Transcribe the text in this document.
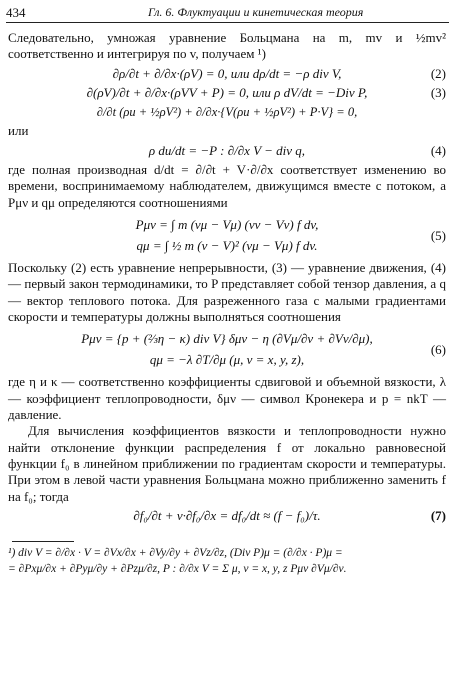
434	Гл. 6. Флуктуации и кинетическая теория

Следовательно, умножая уравнение Больцмана на m, mv и ½mv² соответственно и интегрируя по v, получаем ¹)

∂ρ/∂t + ∂/∂x·(ρV) = 0, или dρ/dt = −ρ div V,	(2)
∂(ρV)/∂t + ∂/∂x·(ρVV + P) = 0, или ρ dV/dt = −Div P,	(3)
∂/∂t (ρu + ½ρV²) + ∂/∂x·{V(ρu + ½ρV²) + P·V} = 0,

или

ρ du/dt = −P : ∂/∂x V − div q,	(4)

где полная производная d/dt = ∂/∂t + V·∂/∂x соответствует изменению во времени, воспринимаемому наблюдателем, движущимся вместе с потоком, а Pμν и qμ определяются соотношениями

Pμν = ∫ m (vμ − Vμ) (vν − Vν) f dv,
qμ = ∫ ½ m (v − V)² (vμ − Vμ) f dv.
(5)

Поскольку (2) есть уравнение непрерывности, (3) — уравнение движения, (4) — первый закон термодинамики, то P представляет собой тензор давления, а q — вектор теплового потока. Для разреженного газа с малыми градиентами скорости и температуры должны выполняться соотношения

Pμν = {p + (⅔η − κ) div V} δμν − η (∂Vμ/∂ν + ∂Vν/∂μ),
qμ = −λ ∂T/∂μ (μ, ν = x, y, z),
(6)

где η и κ — соответственно коэффициенты сдвиговой и объемной вязкости, λ — коэффициент теплопроводности, δμν — символ Кронекера и p = nkT — давление.

Для вычисления коэффициентов вязкости и теплопроводности нужно найти отклонение функции распределения f от локально равновесной функции f₀ в линейном приближении по градиентам скорости и температуры. При этом в левой части уравнения Больцмана можно приближенно заменить f на f₀; тогда

∂f₀/∂t + v·∂f₀/∂x = df₀/dt ≈ (f − f₀)/τ.	(7)
¹) div V = ∂/∂x · V = ∂Vx/∂x + ∂Vy/∂y + ∂Vz/∂z, (Div P)μ = (∂/∂x · P)μ =
= ∂Pxμ/∂x + ∂Pyμ/∂y + ∂Pzμ/∂z, P : ∂/∂x V = Σ μ, ν = x, y, z Pμν ∂Vμ/∂ν.
